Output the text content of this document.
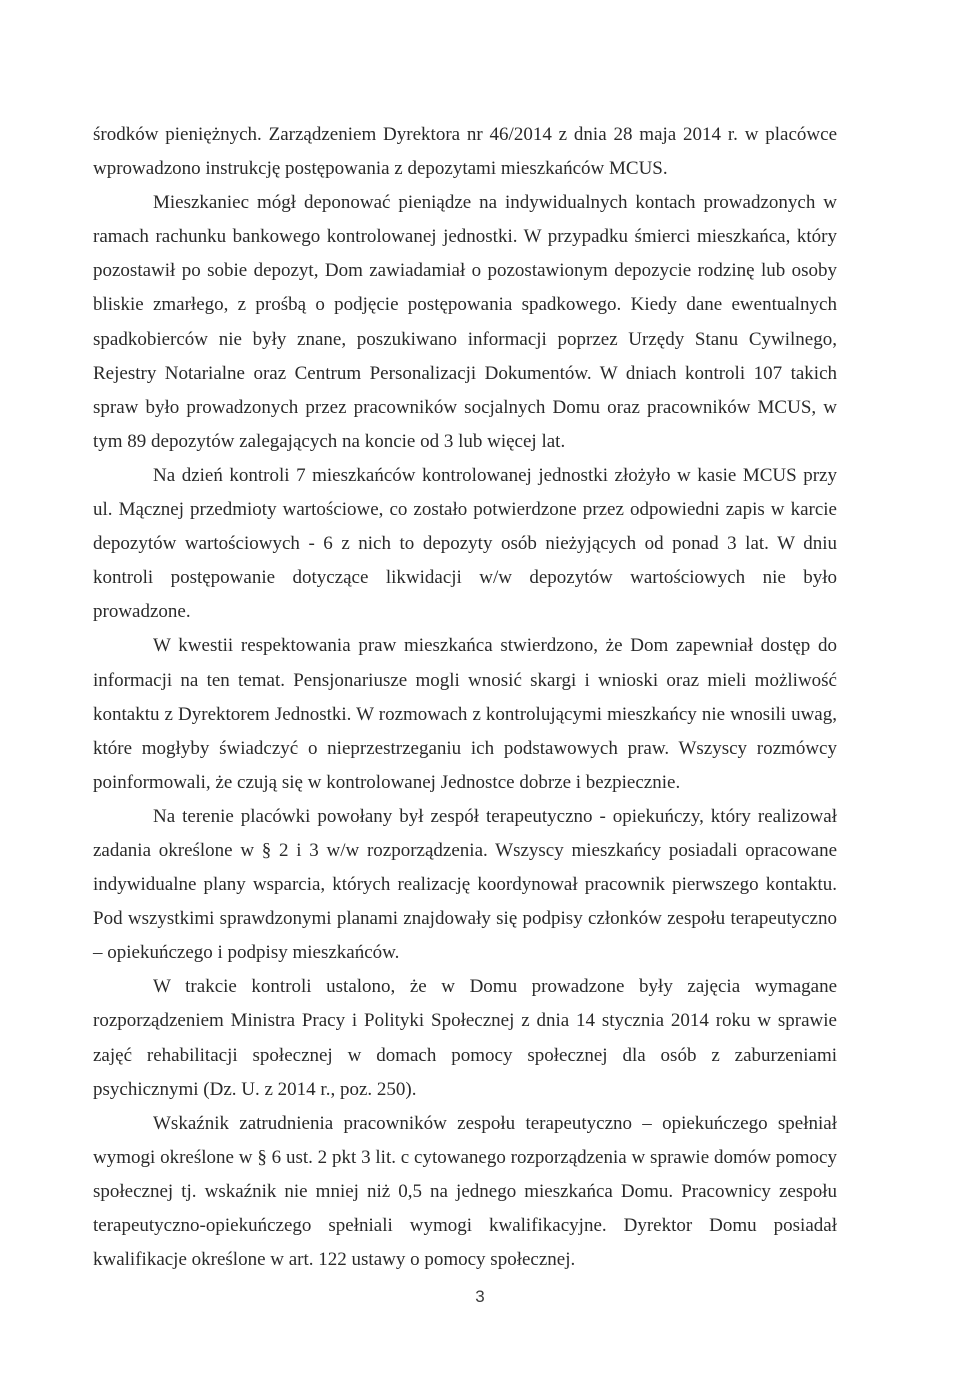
środków pieniężnych. Zarządzeniem Dyrektora nr 46/2014 z dnia 28 maja 2014 r. w placówce wprowadzono instrukcję postępowania z depozytami mieszkańców MCUS.

Mieszkaniec mógł deponować pieniądze na indywidualnych kontach prowadzonych w ramach rachunku bankowego kontrolowanej jednostki. W przypadku śmierci mieszkańca, który pozostawił po sobie depozyt, Dom zawiadamiał o pozostawionym depozycie rodzinę lub osoby bliskie zmarłego, z prośbą o podjęcie postępowania spadkowego. Kiedy dane ewentualnych spadkobierców nie były znane, poszukiwano informacji poprzez Urzędy Stanu Cywilnego, Rejestry Notarialne oraz Centrum Personalizacji Dokumentów. W dniach kontroli 107 takich spraw było prowadzonych przez pracowników socjalnych Domu oraz pracowników MCUS, w tym 89 depozytów zalegających na koncie od 3 lub więcej lat.

Na dzień kontroli 7 mieszkańców kontrolowanej jednostki złożyło w kasie MCUS przy ul. Mącznej przedmioty wartościowe, co zostało potwierdzone przez odpowiedni zapis w karcie depozytów wartościowych - 6 z nich to depozyty osób nieżyjących od ponad 3 lat. W dniu kontroli postępowanie dotyczące likwidacji w/w depozytów wartościowych nie było prowadzone.

W kwestii respektowania praw mieszkańca stwierdzono, że Dom zapewniał dostęp do informacji na ten temat. Pensjonariusze mogli wnosić skargi i wnioski oraz mieli możliwość kontaktu z Dyrektorem Jednostki. W rozmowach z kontrolującymi mieszkańcy nie wnosili uwag, które mogłyby świadczyć o nieprzestrzeganiu ich podstawowych praw. Wszyscy rozmówcy poinformowali, że czują się w kontrolowanej Jednostce dobrze i bezpiecznie.

Na terenie placówki powołany był zespół terapeutyczno - opiekuńczy, który realizował zadania określone w § 2 i 3 w/w rozporządzenia. Wszyscy mieszkańcy posiadali opracowane indywidualne plany wsparcia, których realizację koordynował pracownik pierwszego kontaktu. Pod wszystkimi sprawdzonymi planami znajdowały się podpisy członków zespołu terapeutyczno – opiekuńczego i podpisy mieszkańców.

W trakcie kontroli ustalono, że w Domu prowadzone były zajęcia wymagane rozporządzeniem Ministra Pracy i Polityki Społecznej z dnia 14 stycznia 2014 roku w sprawie zajęć rehabilitacji społecznej w domach pomocy społecznej dla osób z zaburzeniami psychicznymi (Dz. U. z 2014 r., poz. 250).

Wskaźnik zatrudnienia pracowników zespołu terapeutyczno – opiekuńczego spełniał wymogi określone w § 6 ust. 2 pkt 3 lit. c cytowanego rozporządzenia w sprawie domów pomocy społecznej tj. wskaźnik nie mniej niż 0,5 na jednego mieszkańca Domu. Pracownicy zespołu terapeutyczno-opiekuńczego spełniali wymogi kwalifikacyjne. Dyrektor Domu posiadał kwalifikacje określone w art. 122 ustawy o pomocy społecznej.

3
